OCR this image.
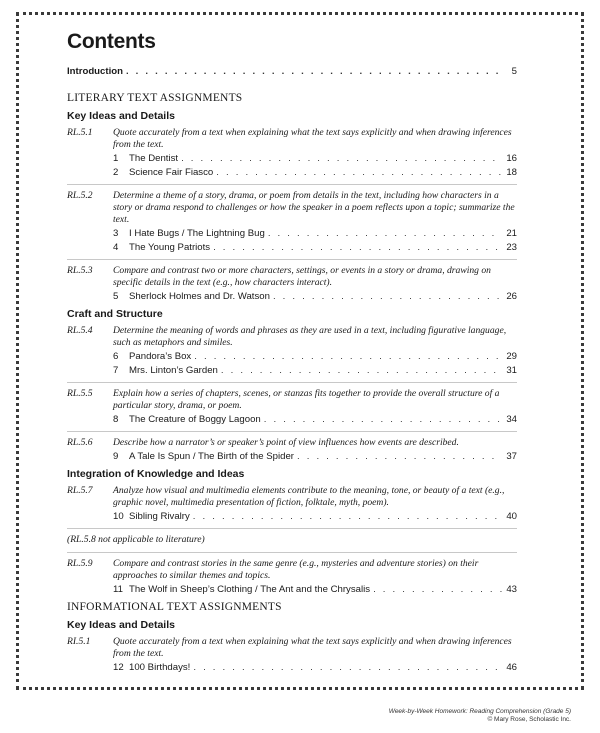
Contents
Introduction . . .	5
LITERARY TEXT ASSIGNMENTS
Key Ideas and Details
RL.5.1	Quote accurately from a text when explaining what the text says explicitly and when drawing inferences from the text.
1	The Dentist . . .	16
2	Science Fair Fiasco . . .	18
RL.5.2	Determine a theme of a story, drama, or poem from details in the text, including how characters in a story or drama respond to challenges or how the speaker in a poem reflects upon a topic; summarize the text.
3	I Hate Bugs / The Lightning Bug . . .	21
4	The Young Patriots . . .	23
RL.5.3	Compare and contrast two or more characters, settings, or events in a story or drama, drawing on specific details in the text (e.g., how characters interact).
5	Sherlock Holmes and Dr. Watson . . .	26
Craft and Structure
RL.5.4	Determine the meaning of words and phrases as they are used in a text, including figurative language, such as metaphors and similes.
6	Pandora’s Box . . .	29
7	Mrs. Linton’s Garden . . .	31
RL.5.5	Explain how a series of chapters, scenes, or stanzas fits together to provide the overall structure of a particular story, drama, or poem.
8	The Creature of Boggy Lagoon . . .	34
RL.5.6	Describe how a narrator’s or speaker’s point of view influences how events are described.
9	A Tale Is Spun / The Birth of the Spider . . .	37
Integration of Knowledge and Ideas
RL.5.7	Analyze how visual and multimedia elements contribute to the meaning, tone, or beauty of a text (e.g., graphic novel, multimedia presentation of fiction, folktale, myth, poem).
10 Sibling Rivalry . . .	40
(RL.5.8 not applicable to literature)
RL.5.9	Compare and contrast stories in the same genre (e.g., mysteries and adventure stories) on their approaches to similar themes and topics.
11 The Wolf in Sheep’s Clothing / The Ant and the Chrysalis . . .	43
INFORMATIONAL TEXT ASSIGNMENTS
Key Ideas and Details
RI.5.1	Quote accurately from a text when explaining what the text says explicitly and when drawing inferences from the text.
12 100 Birthdays! . . .	46
Week-by-Week Homework: Reading Comprehension (Grade 5)
© Mary Rose, Scholastic Inc.
